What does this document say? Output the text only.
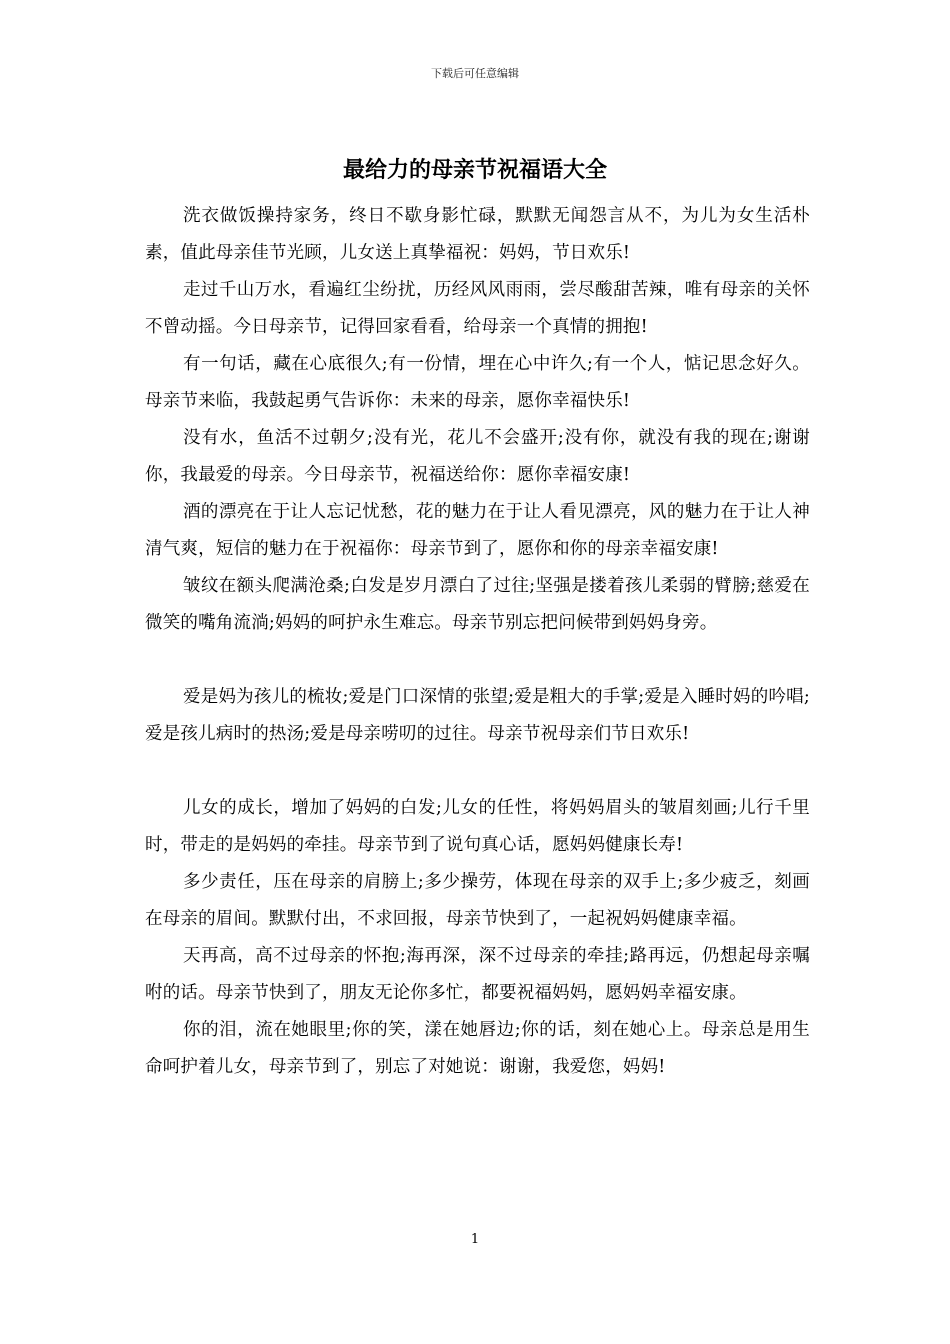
下载后可任意编辑
最给力的母亲节祝福语大全

洗衣做饭操持家务，终日不歇身影忙碌，默默无闻怨言从不，为儿为女生活朴素，值此母亲佳节光顾，儿女送上真挚福祝：妈妈，节日欢乐!

走过千山万水，看遍红尘纷扰，历经风风雨雨，尝尽酸甜苦辣，唯有母亲的关怀不曾动摇。今日母亲节，记得回家看看，给母亲一个真情的拥抱!

有一句话，藏在心底很久;有一份情，埋在心中许久;有一个人，惦记思念好久。母亲节来临，我鼓起勇气告诉你：未来的母亲，愿你幸福快乐!

没有水，鱼活不过朝夕;没有光，花儿不会盛开;没有你，就没有我的现在;谢谢你，我最爱的母亲。今日母亲节，祝福送给你：愿你幸福安康!

酒的漂亮在于让人忘记忧愁，花的魅力在于让人看见漂亮，风的魅力在于让人神清气爽，短信的魅力在于祝福你：母亲节到了，愿你和你的母亲幸福安康!

皱纹在额头爬满沧桑;白发是岁月漂白了过往;坚强是搂着孩儿柔弱的臂膀;慈爱在微笑的嘴角流淌;妈妈的呵护永生难忘。母亲节别忘把问候带到妈妈身旁。

爱是妈为孩儿的梳妆;爱是门口深情的张望;爱是粗大的手掌;爱是入睡时妈的吟唱;爱是孩儿病时的热汤;爱是母亲唠叨的过往。母亲节祝母亲们节日欢乐!

儿女的成长，增加了妈妈的白发;儿女的任性，将妈妈眉头的皱眉刻画;儿行千里时，带走的是妈妈的牵挂。母亲节到了说句真心话，愿妈妈健康长寿!

多少责任，压在母亲的肩膀上;多少操劳，体现在母亲的双手上;多少疲乏，刻画在母亲的眉间。默默付出，不求回报，母亲节快到了，一起祝妈妈健康幸福。

天再高，高不过母亲的怀抱;海再深，深不过母亲的牵挂;路再远，仍想起母亲嘱咐的话。母亲节快到了，朋友无论你多忙，都要祝福妈妈，愿妈妈幸福安康。

你的泪，流在她眼里;你的笑，漾在她唇边;你的话，刻在她心上。母亲总是用生命呵护着儿女，母亲节到了，别忘了对她说：谢谢，我爱您，妈妈!

1
